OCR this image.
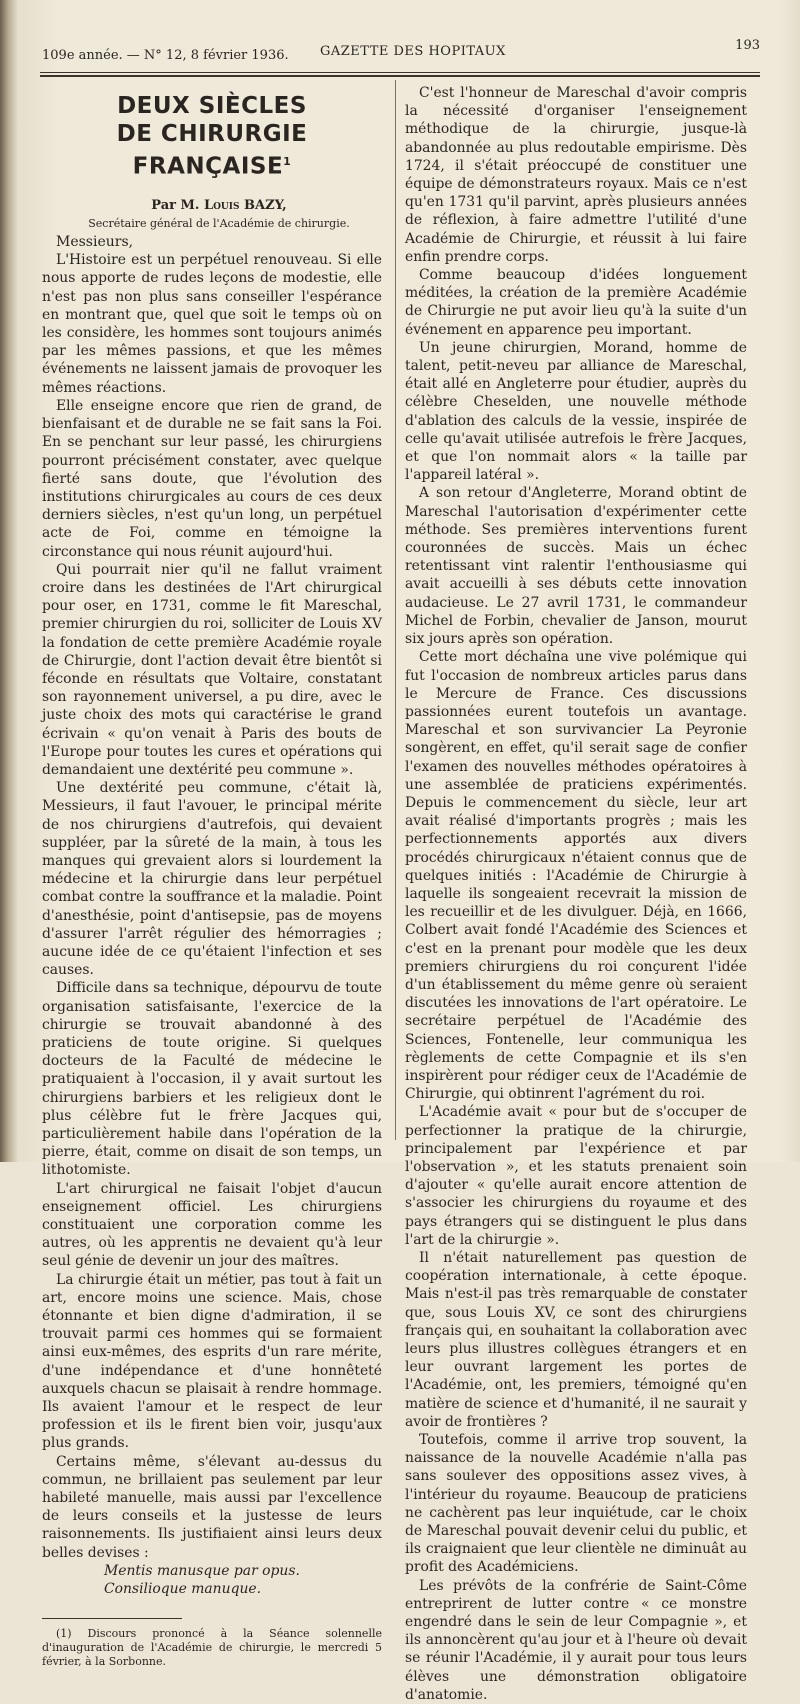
109e année. — N° 12, 8 février 1936. GAZETTE DES HOPITAUX	193
DEUX SIÈCLES
DE CHIRURGIE FRANÇAISE$^1$

Par M. Louis BAZY,

Secrétaire général de l'Académie de chirurgie.

Messieurs,

L'Histoire est un perpétuel renouveau. Si elle nous apporte de rudes leçons de modestie, elle n'est pas non plus sans conseiller l'espérance en montrant que, quel que soit le temps où on les considère, les hommes sont toujours animés par les mêmes passions, et que les mêmes événements ne laissent jamais de provoquer les mêmes réactions.

Elle enseigne encore que rien de grand, de bienfaisant et de durable ne se fait sans la Foi. En se penchant sur leur passé, les chirurgiens pourront précisément constater, avec quelque fierté sans doute, que l'évolution des institutions chirurgicales au cours de ces deux derniers siècles, n'est qu'un long, un perpétuel acte de Foi, comme en témoigne la circonstance qui nous réunit aujourd'hui.

Qui pourrait nier qu'il ne fallut vraiment croire dans les destinées de l'Art chirurgical pour oser, en 1731, comme le fit Mareschal, premier chirurgien du roi, solliciter de Louis XV la fondation de cette première Académie royale de Chirurgie, dont l'action devait être bientôt si féconde en résultats que Voltaire, constatant son rayonnement universel, a pu dire, avec le juste choix des mots qui caractérise le grand écrivain « qu'on venait à Paris des bouts de l'Europe pour toutes les cures et opérations qui demandaient une dextérité peu commune ».

Une dextérité peu commune, c'était là, Messieurs, il faut l'avouer, le principal mérite de nos chirurgiens d'autrefois, qui devaient suppléer, par la sûreté de la main, à tous les manques qui grevaient alors si lourdement la médecine et la chirurgie dans leur perpétuel combat contre la souffrance et la maladie. Point d'anesthésie, point d'antisepsie, pas de moyens d'assurer l'arrêt régulier des hémorragies ; aucune idée de ce qu'étaient l'infection et ses causes.

Difficile dans sa technique, dépourvu de toute organisation satisfaisante, l'exercice de la chirurgie se trouvait abandonné à des praticiens de toute origine. Si quelques docteurs de la Faculté de médecine le pratiquaient à l'occasion, il y avait surtout les chirurgiens barbiers et les religieux dont le plus célèbre fut le frère Jacques qui, particulièrement habile dans l'opération de la pierre, était, comme on disait de son temps, un lithotomiste.

L'art chirurgical ne faisait l'objet d'aucun enseignement officiel. Les chirurgiens constituaient une corporation comme les autres, où les apprentis ne devaient qu'à leur seul génie de devenir un jour des maîtres.

La chirurgie était un métier, pas tout à fait un art, encore moins une science. Mais, chose étonnante et bien digne d'admiration, il se trouvait parmi ces hommes qui se formaient ainsi eux-mêmes, des esprits d'un rare mérite, d'une indépendance et d'une honnêteté auxquels chacun se plaisait à rendre hommage. Ils avaient l'amour et le respect de leur profession et ils le firent bien voir, jusqu'aux plus grands.

Certains même, s'élevant au-dessus du commun, ne brillaient pas seulement par leur habileté manuelle, mais aussi par l'excellence de leurs conseils et la justesse de leurs raisonnements. Ils justifiaient ainsi leurs deux belles devises :

Mentis manusque par opus.

Consilioque manuque.

(1) Discours prononcé à la Séance solennelle d'inauguration de l'Académie de chirurgie, le mercredi 5 février, à la Sorbonne.

C'est l'honneur de Mareschal d'avoir compris la nécessité d'organiser l'enseignement méthodique de la chirurgie, jusque-là abandonnée au plus redoutable empirisme. Dès 1724, il s'était préoccupé de constituer une équipe de démonstrateurs royaux. Mais ce n'est qu'en 1731 qu'il parvint, après plusieurs années de réflexion, à faire admettre l'utilité d'une Académie de Chirurgie, et réussit à lui faire enfin prendre corps.

Comme beaucoup d'idées longuement méditées, la création de la première Académie de Chirurgie ne put avoir lieu qu'à la suite d'un événement en apparence peu important.

Un jeune chirurgien, Morand, homme de talent, petit-neveu par alliance de Mareschal, était allé en Angleterre pour étudier, auprès du célèbre Cheselden, une nouvelle méthode d'ablation des calculs de la vessie, inspirée de celle qu'avait utilisée autrefois le frère Jacques, et que l'on nommait alors « la taille par l'appareil latéral ».

A son retour d'Angleterre, Morand obtint de Mareschal l'autorisation d'expérimenter cette méthode. Ses premières interventions furent couronnées de succès. Mais un échec retentissant vint ralentir l'enthousiasme qui avait accueilli à ses débuts cette innovation audacieuse. Le 27 avril 1731, le commandeur Michel de Forbin, chevalier de Janson, mourut six jours après son opération.

Cette mort déchaîna une vive polémique qui fut l'occasion de nombreux articles parus dans le Mercure de France. Ces discussions passionnées eurent toutefois un avantage. Mareschal et son survivancier La Peyronie songèrent, en effet, qu'il serait sage de confier l'examen des nouvelles méthodes opératoires à une assemblée de praticiens expérimentés. Depuis le commencement du siècle, leur art avait réalisé d'importants progrès ; mais les perfectionnements apportés aux divers procédés chirurgicaux n'étaient connus que de quelques initiés : l'Académie de Chirurgie à laquelle ils songeaient recevrait la mission de les recueillir et de les divulguer. Déjà, en 1666, Colbert avait fondé l'Académie des Sciences et c'est en la prenant pour modèle que les deux premiers chirurgiens du roi conçurent l'idée d'un établissement du même genre où seraient discutées les innovations de l'art opératoire. Le secrétaire perpétuel de l'Académie des Sciences, Fontenelle, leur communiqua les règlements de cette Compagnie et ils s'en inspirèrent pour rédiger ceux de l'Académie de Chirurgie, qui obtinrent l'agrément du roi.

L'Académie avait « pour but de s'occuper de perfectionner la pratique de la chirurgie, principalement par l'expérience et par l'observation », et les statuts prenaient soin d'ajouter « qu'elle aurait encore attention de s'associer les chirurgiens du royaume et des pays étrangers qui se distinguent le plus dans l'art de la chirurgie ».

Il n'était naturellement pas question de coopération internationale, à cette époque. Mais n'est-il pas très remarquable de constater que, sous Louis XV, ce sont des chirurgiens français qui, en souhaitant la collaboration avec leurs plus illustres collègues étrangers et en leur ouvrant largement les portes de l'Académie, ont, les premiers, témoigné qu'en matière de science et d'humanité, il ne saurait y avoir de frontières ?

Toutefois, comme il arrive trop souvent, la naissance de la nouvelle Académie n'alla pas sans soulever des oppositions assez vives, à l'intérieur du royaume. Beaucoup de praticiens ne cachèrent pas leur inquiétude, car le choix de Mareschal pouvait devenir celui du public, et ils craignaient que leur clientèle ne diminuât au profit des Académiciens.

Les prévôts de la confrérie de Saint-Côme entreprirent de lutter contre « ce monstre engendré dans le sein de leur Compagnie », et ils annoncèrent qu'au jour et à l'heure où devait se réunir l'Académie, il y aurait pour tous leurs élèves une démonstration obligatoire d'anatomie.
